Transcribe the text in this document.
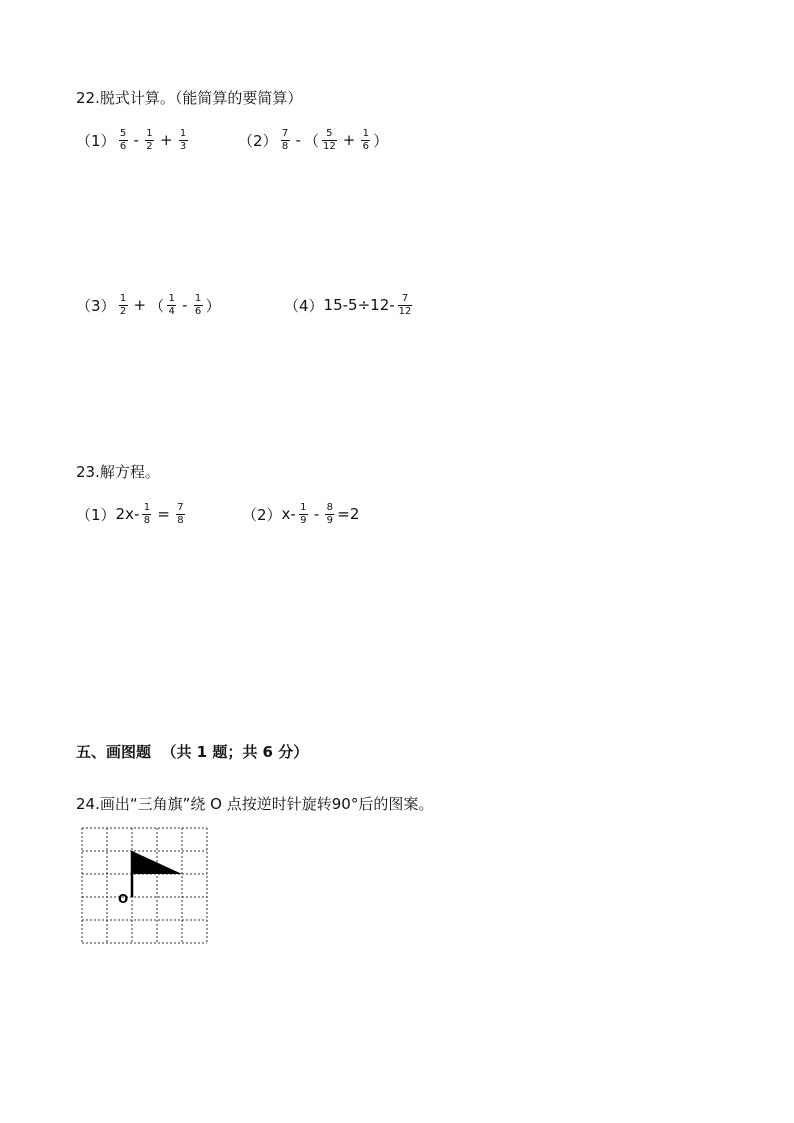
22.脱式计算。（能简算的要简算）
$(1) \frac{5}{6} - \frac{1}{2} + \frac{1}{3}$	$(2) \frac{7}{8}$ - （ $\frac{5}{12} + \frac{1}{6}$ ）
$(3) \frac{1}{2}$ + （ $\frac{1}{4} - \frac{1}{6}$ ）	（4） $15-5\div 12- \frac{7}{12}$
23.解方程。
（1） $2x- \frac{1}{8} = \frac{7}{8}$	（2） $x- \frac{1}{9} - \frac{8}{9} =2$
五、画图题  （共 1 题；共 6 分）
24.画出“三角旗”绕 O 点按逆时针旋转90°后的图案。
O
